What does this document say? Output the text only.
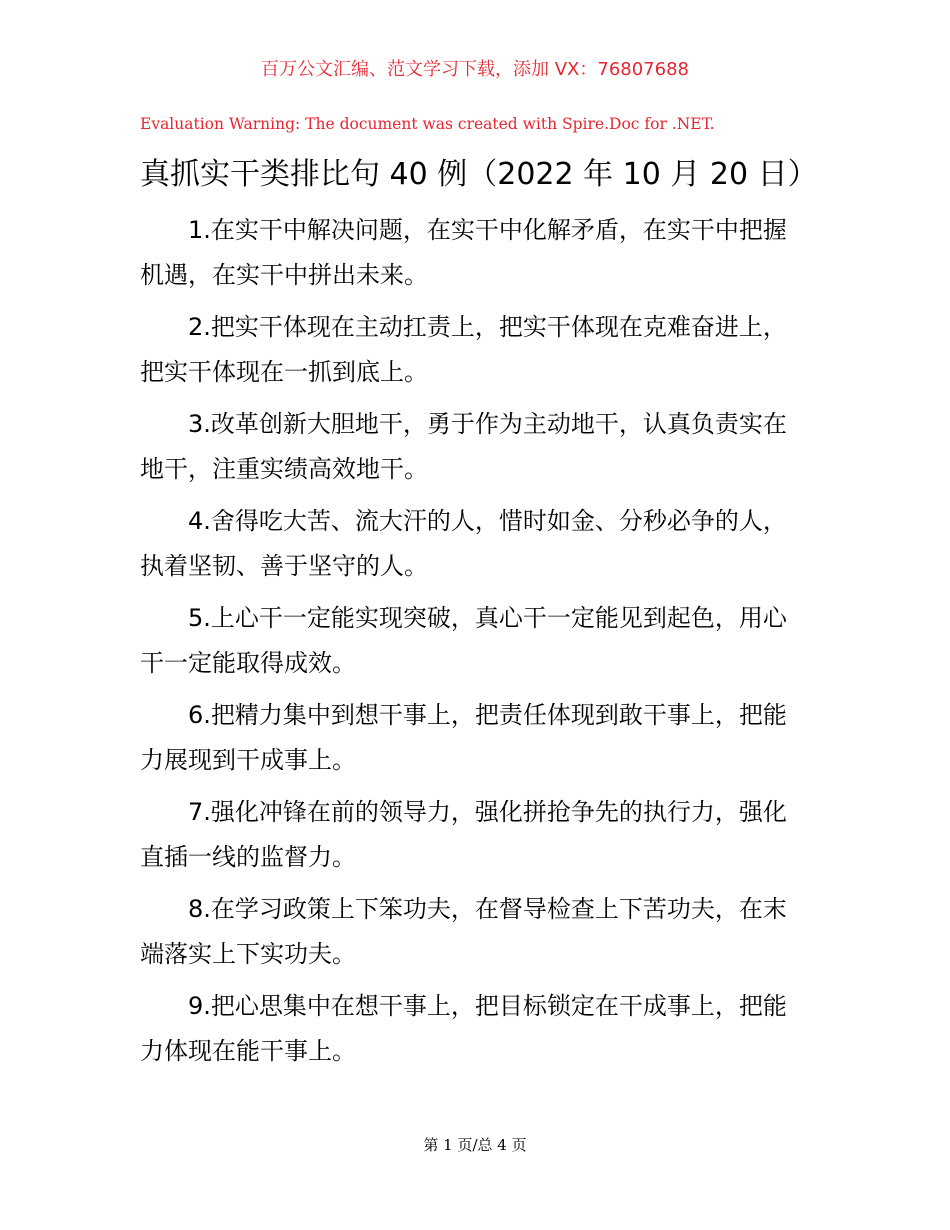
百万公文汇编、范文学习下载，添加 VX：76807688
Evaluation Warning: The document was created with Spire.Doc for .NET.
真抓实干类排比句 40 例（2022 年 10 月 20 日）

1.在实干中解决问题，在实干中化解矛盾，在实干中把握机遇，在实干中拼出未来。

2.把实干体现在主动扛责上，把实干体现在克难奋进上，把实干体现在一抓到底上。

3.改革创新大胆地干，勇于作为主动地干，认真负责实在地干，注重实绩高效地干。

4.舍得吃大苦、流大汗的人，惜时如金、分秒必争的人，执着坚韧、善于坚守的人。

5.上心干一定能实现突破，真心干一定能见到起色，用心干一定能取得成效。

6.把精力集中到想干事上，把责任体现到敢干事上，把能力展现到干成事上。

7.强化冲锋在前的领导力，强化拼抢争先的执行力，强化直插一线的监督力。

8.在学习政策上下笨功夫，在督导检查上下苦功夫，在末端落实上下实功夫。

9.把心思集中在想干事上，把目标锁定在干成事上，把能力体现在能干事上。

第 1 页/总 4 页
